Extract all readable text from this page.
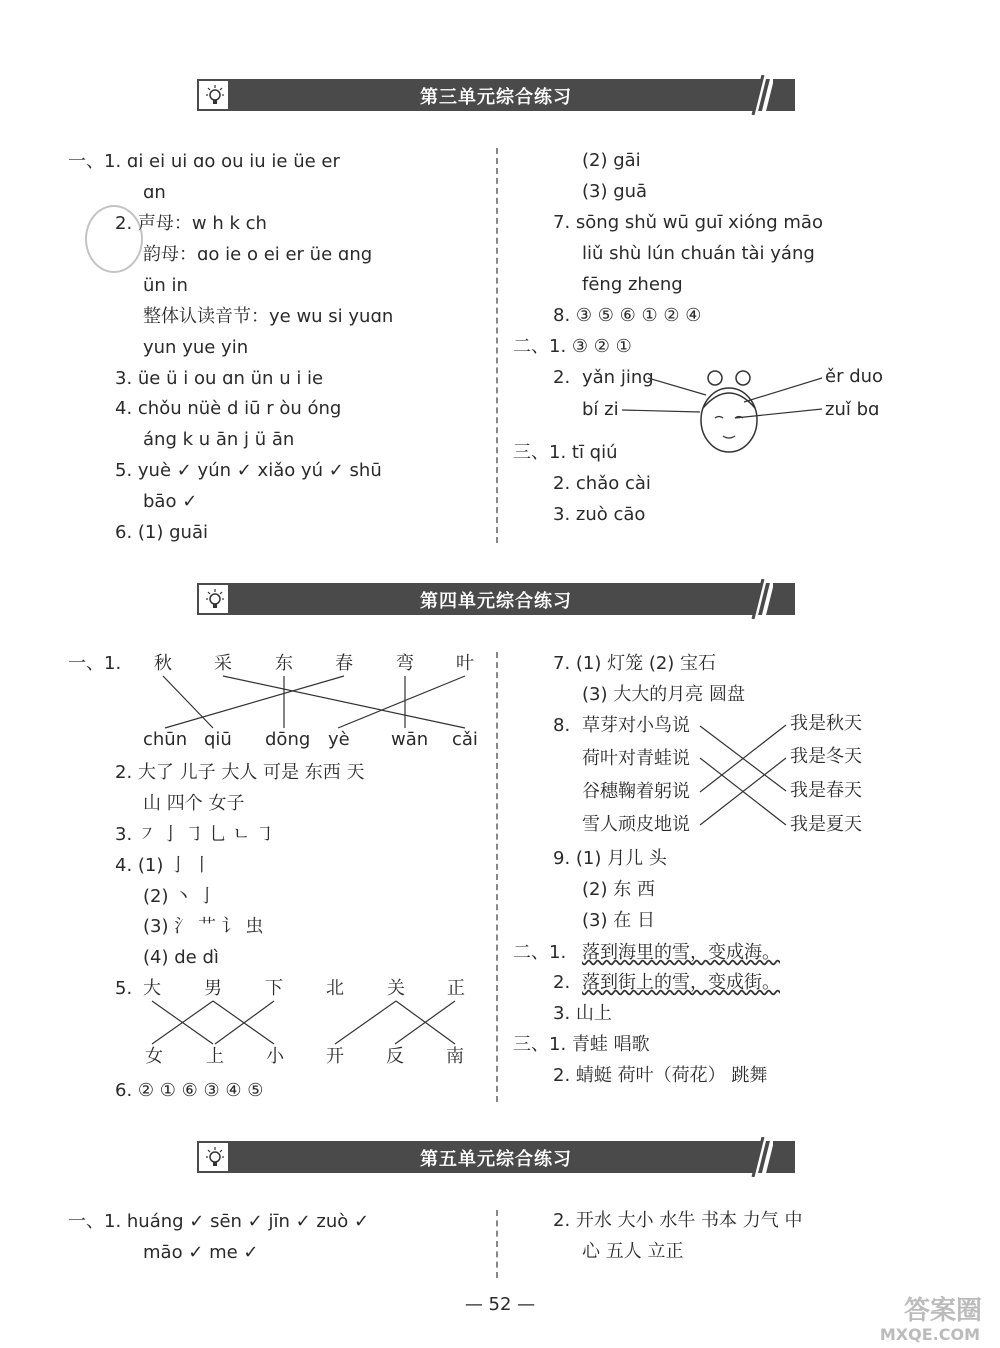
第三单元综合练习
一、1. ɑi ei ui ɑo ou iu ie üe er
ɑn
2. 声母：w h k ch
韵母：ɑo ie o ei er üe ɑng
ün in
整体认读音节：ye wu si yuɑn
yun yue yin
3. üe ü i ou ɑn ün u i ie
4. chǒu nüè d iū r òu óng
áng k u ān j ü ān
5. yuè ✓ yún ✓ xiǎo yú ✓ shū
bāo ✓
6. (1) guāi
(2) gāi
(3) guā
7. sōng shǔ wū guī xióng māo
liǔ shù lún chuán tài yáng
fēng zheng
8. ③ ⑤ ⑥ ① ② ④
二、1. ③ ② ①
2. yǎn jing
bí zi
ěr duo
zuǐ bɑ
三、1. tī qiú
2. chǎo cài
3. zuò cāo
第四单元综合练习
一、1. 秋 采 东 春 弯 叶
chūn qiū dōng yè wān cǎi
2. 大了 儿子 大人 可是 东西 天
山 四个 女子
3. ㇇ 亅 ㇆ 乚 ㄴ ㇆
4. (1) 亅 丨
(2) 丶 亅
(3) 氵 艹 讠 虫
(4) de dì
5. 大 男 下 北 关 正
女 上 小 开 反 南
6. ② ① ⑥ ③ ④ ⑤
7. (1) 灯笼 (2) 宝石
(3) 大大的月亮 圆盘
8. 草芽对小鸟说
荷叶对青蛙说
谷穗鞠着躬说
雪人顽皮地说
我是秋天
我是冬天
我是春天
我是夏天
9. (1) 月儿 头
(2) 东 西
(3) 在 日
二、1. 落到海里的雪，变成海。
2. 落到街上的雪，变成街。
3. 山上
三、1. 青蛙 唱歌
2. 蜻蜓 荷叶（荷花） 跳舞
第五单元综合练习
一、1. huáng ✓ sēn ✓ jīn ✓ zuò ✓
māo ✓ me ✓
2. 开水 大小 水牛 书本 力气 中
心 五人 立正
— 52 —	答案圈
MXQE.COM
